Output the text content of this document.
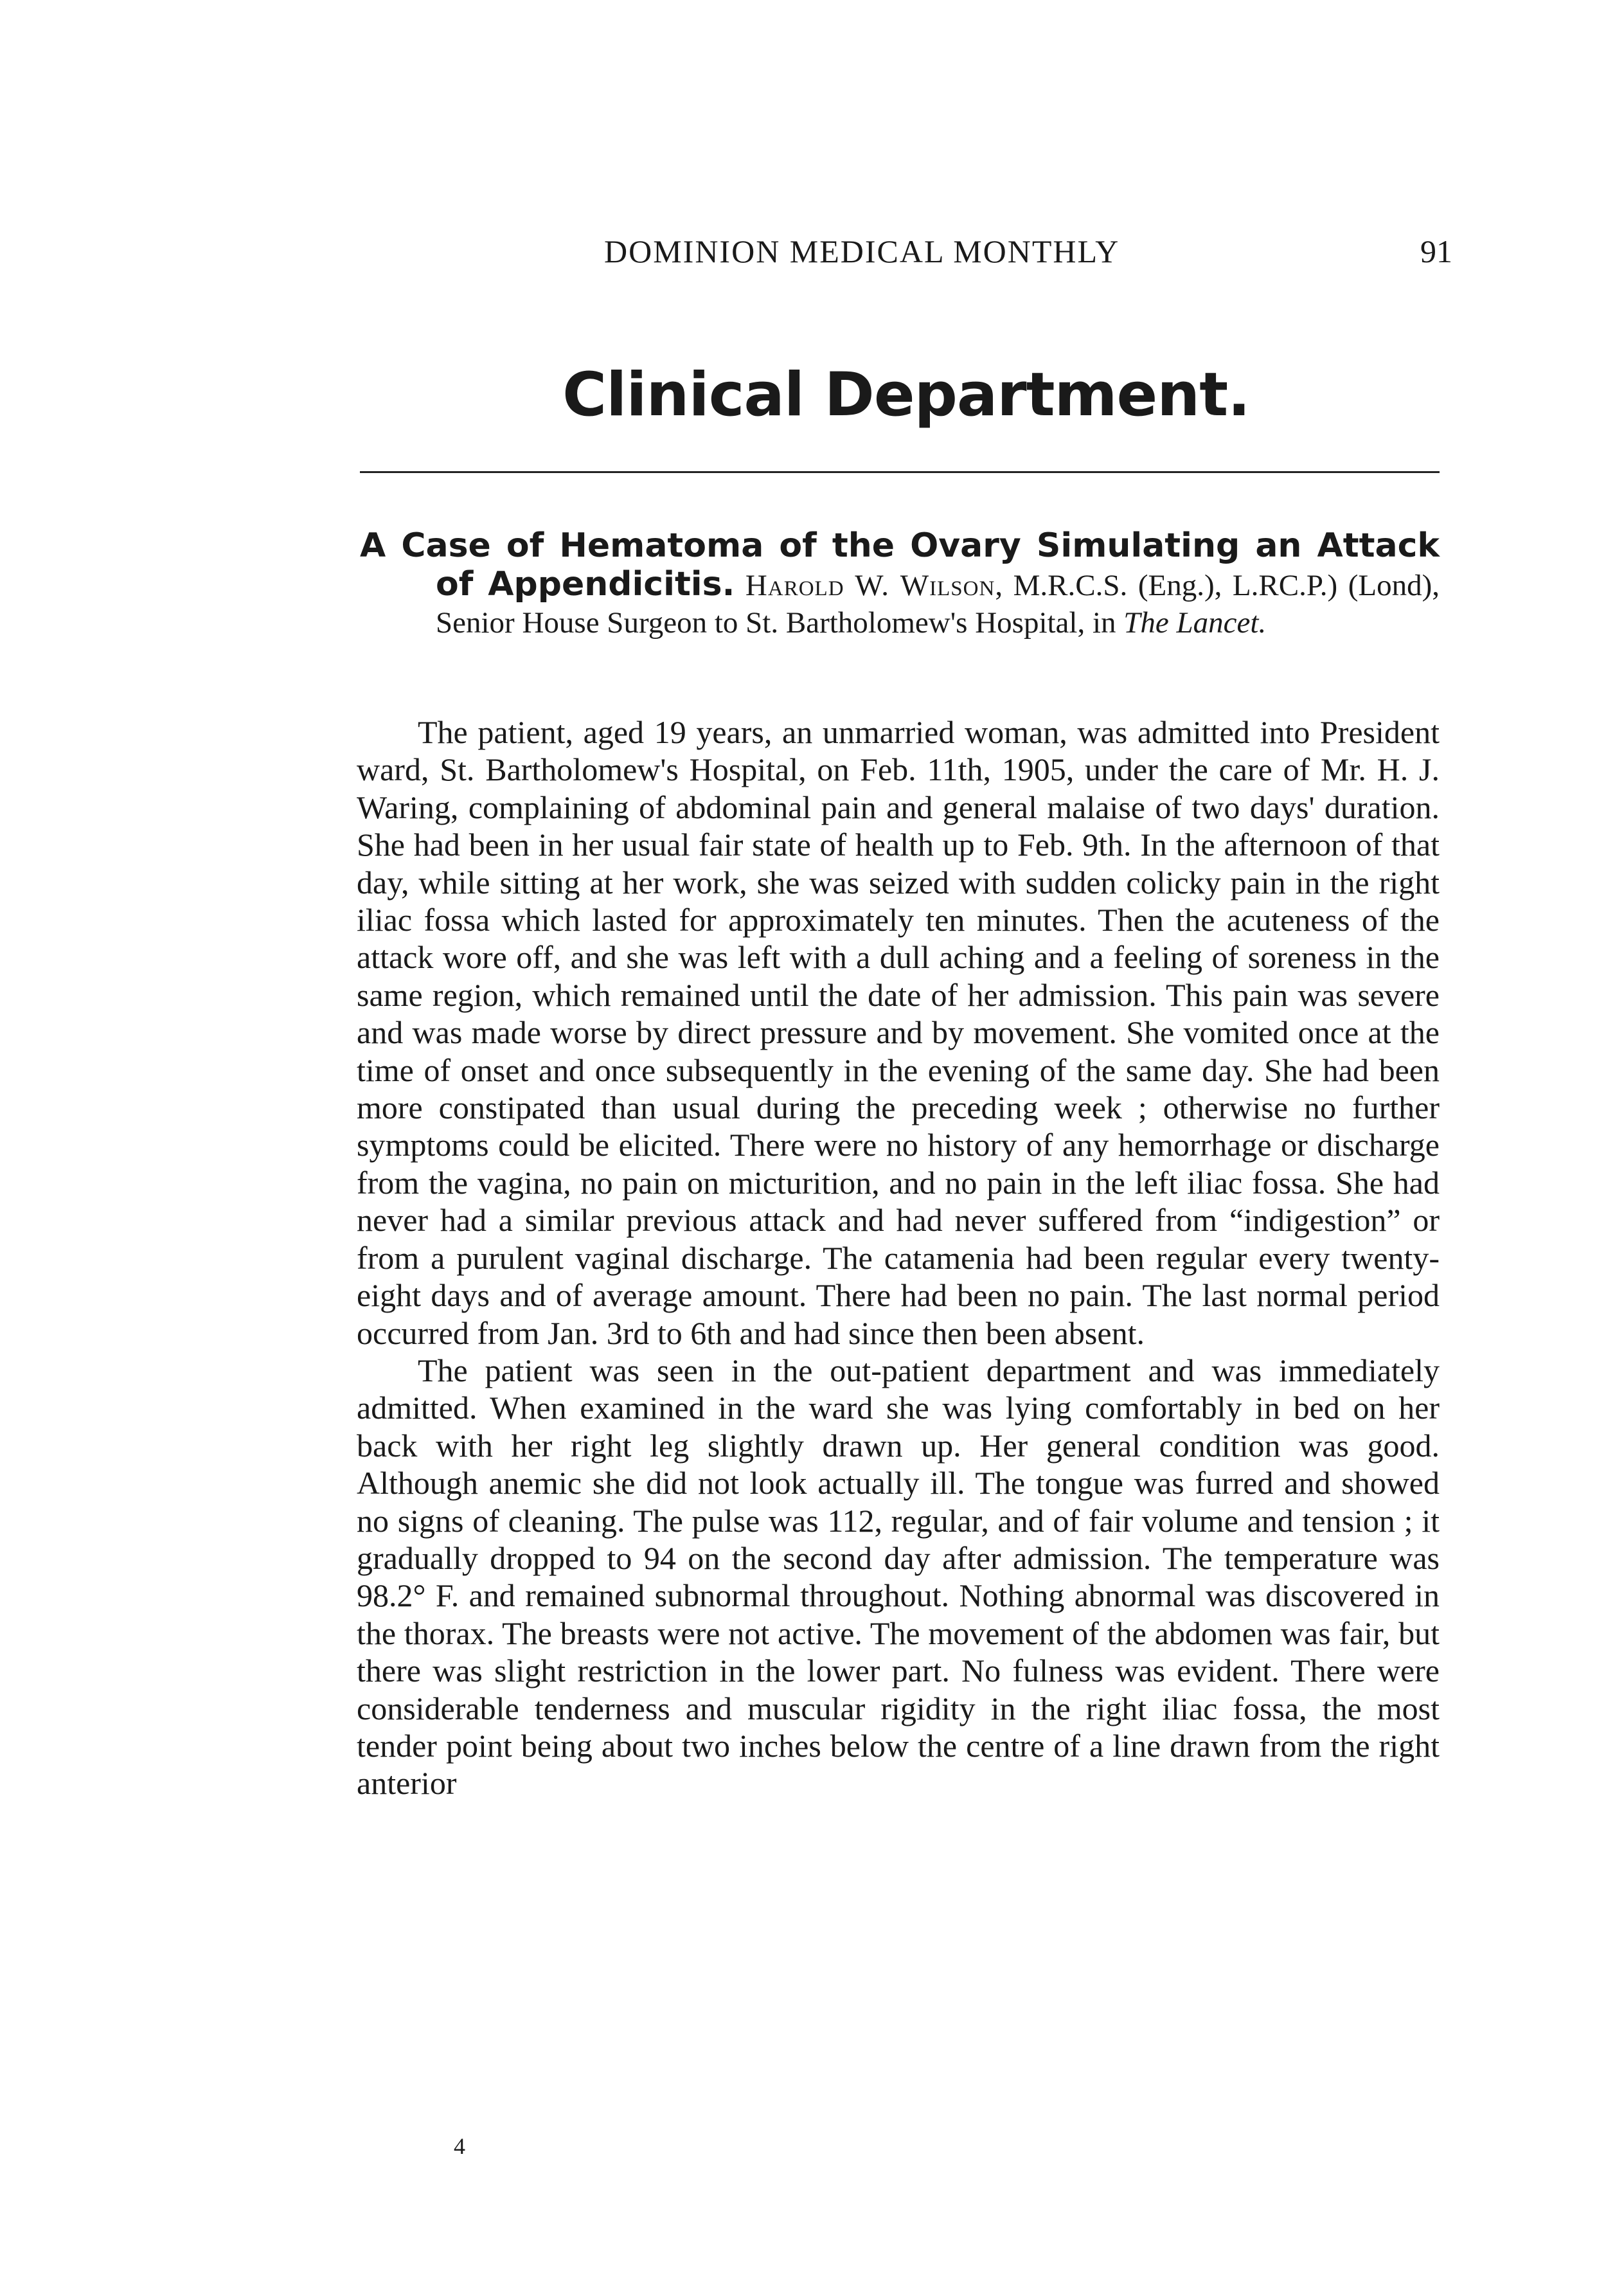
DOMINION MEDICAL MONTHLY	91
Clinical Department.
A Case of Hematoma of the Ovary Simulating an Attack of Appendicitis. Harold W. Wilson, M.R.C.S. (Eng.), L.RC.P.) (Lond), Senior House Surgeon to St. Bartholomew's Hospital, in The Lancet.

The patient, aged 19 years, an unmarried woman, was admitted into President ward, St. Bartholomew's Hospital, on Feb. 11th, 1905, under the care of Mr. H. J. Waring, complaining of abdominal pain and general malaise of two days' duration. She had been in her usual fair state of health up to Feb. 9th. In the afternoon of that day, while sitting at her work, she was seized with sudden colicky pain in the right iliac fossa which lasted for approximately ten minutes. Then the acuteness of the attack wore off, and she was left with a dull aching and a feeling of soreness in the same region, which remained until the date of her admission. This pain was severe and was made worse by direct pressure and by movement. She vomited once at the time of onset and once subsequently in the evening of the same day. She had been more constipated than usual during the preceding week ; otherwise no further symptoms could be elicited. There were no history of any hemorrhage or discharge from the vagina, no pain on micturition, and no pain in the left iliac fossa. She had never had a similar previous attack and had never suffered from “indigestion” or from a purulent vaginal discharge. The catamenia had been regular every twenty-eight days and of average amount. There had been no pain. The last normal period occurred from Jan. 3rd to 6th and had since then been absent.

The patient was seen in the out-patient department and was immediately admitted. When examined in the ward she was lying comfortably in bed on her back with her right leg slightly drawn up. Her general condition was good. Although anemic she did not look actually ill. The tongue was furred and showed no signs of cleaning. The pulse was 112, regular, and of fair volume and tension ; it gradually dropped to 94 on the second day after admission. The temperature was 98.2° F. and remained subnormal throughout. Nothing abnormal was discovered in the thorax. The breasts were not active. The movement of the abdomen was fair, but there was slight restriction in the lower part. No fulness was evident. There were considerable tenderness and muscular rigidity in the right iliac fossa, the most tender point being about two inches below the centre of a line drawn from the right anterior

4
